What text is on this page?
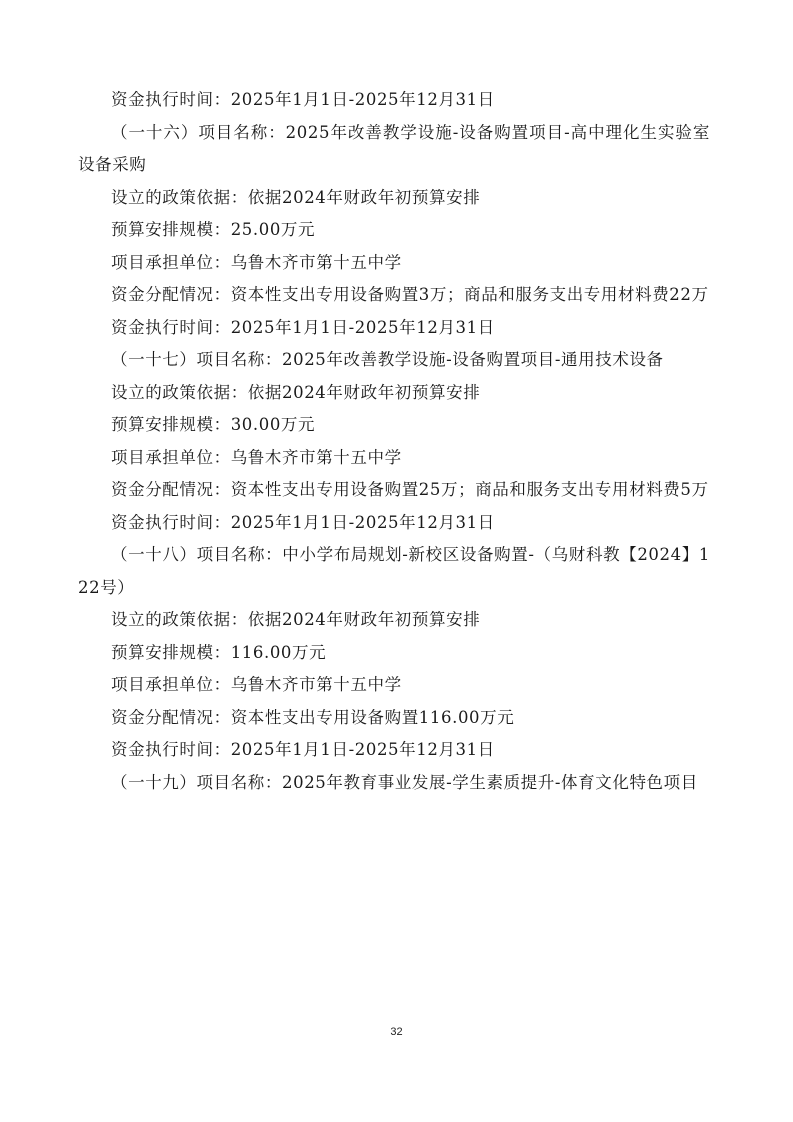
资金执行时间：2025年1月1日-2025年12月31日

（一十六）项目名称：2025年改善教学设施-设备购置项目-高中理化生实验室设备采购

设立的政策依据：依据2024年财政年初预算安排

预算安排规模：25.00万元

项目承担单位：乌鲁木齐市第十五中学

资金分配情况：资本性支出专用设备购置3万；商品和服务支出专用材料费22万

资金执行时间：2025年1月1日-2025年12月31日

（一十七）项目名称：2025年改善教学设施-设备购置项目-通用技术设备

设立的政策依据：依据2024年财政年初预算安排

预算安排规模：30.00万元

项目承担单位：乌鲁木齐市第十五中学

资金分配情况：资本性支出专用设备购置25万；商品和服务支出专用材料费5万

资金执行时间：2025年1月1日-2025年12月31日

（一十八）项目名称：中小学布局规划-新校区设备购置-（乌财科教【2024】122号）

设立的政策依据：依据2024年财政年初预算安排

预算安排规模：116.00万元

项目承担单位：乌鲁木齐市第十五中学

资金分配情况：资本性支出专用设备购置116.00万元

资金执行时间：2025年1月1日-2025年12月31日

（一十九）项目名称：2025年教育事业发展-学生素质提升-体育文化特色项目

32
